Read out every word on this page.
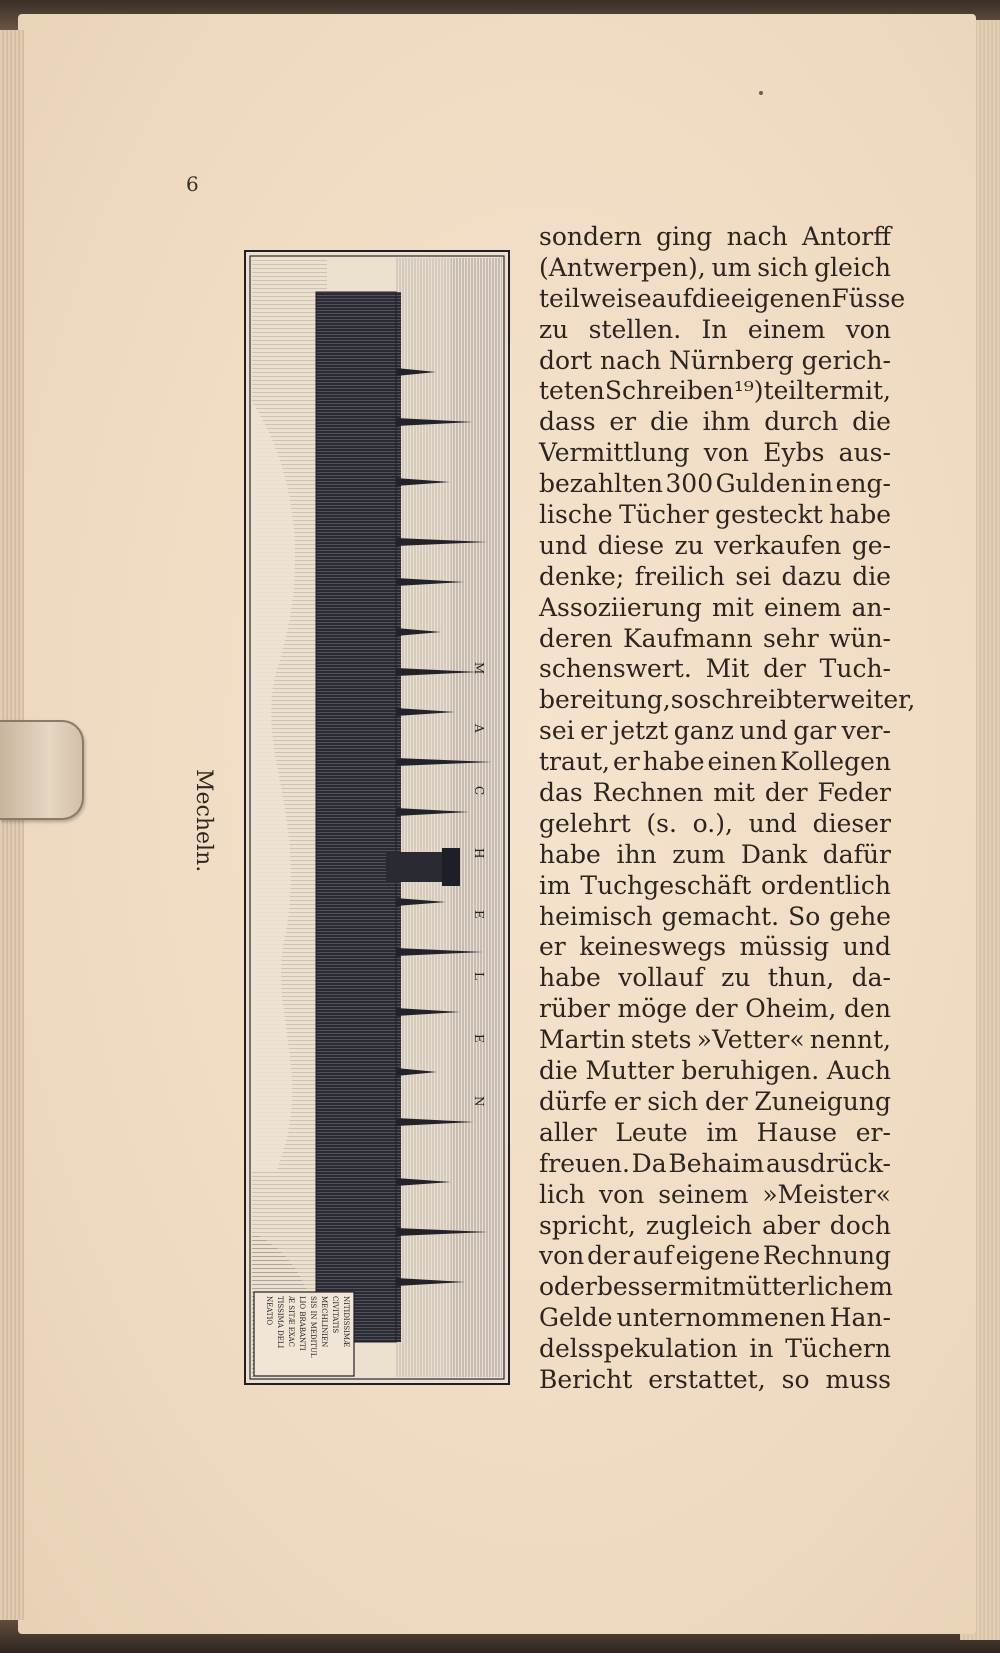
6
Mecheln.
M
A
C
H
E
L
E
N
NITIDISSIMÆ
CIVITATIS
MECHLINIEN
SIS IN MEDITUL
LIO BRABANTI
Æ SITÆ EXAC
TISSIMA DELI
NEATIO
sondern ging nach Antorff
(Antwerpen), um sich gleich
teilweise auf die eigenen Füsse
zu stellen. In einem von
dort nach Nürnberg gerich-
teten Schreiben¹⁹) teilt er mit,
dass er die ihm durch die
Vermittlung von Eybs aus-
bezahlten 300 Gulden in eng-
lische Tücher gesteckt habe
und diese zu verkaufen ge-
denke; freilich sei dazu die
Assoziierung mit einem an-
deren Kaufmann sehr wün-
schenswert. Mit der Tuch-
bereitung, so schreibt er weiter,
sei er jetzt ganz und gar ver-
traut, er habe einen Kollegen
das Rechnen mit der Feder
gelehrt (s. o.), und dieser
habe ihn zum Dank dafür
im Tuchgeschäft ordentlich
heimisch gemacht. So gehe
er keineswegs müssig und
habe vollauf zu thun, da-
rüber möge der Oheim, den
Martin stets »Vetter« nennt,
die Mutter beruhigen. Auch
dürfe er sich der Zuneigung
aller Leute im Hause er-
freuen. Da Behaim ausdrück-
lich von seinem »Meister«
spricht, zugleich aber doch
von der auf eigene Rechnung
oder besser mit mütterlichem
Gelde unternommenen Han-
delsspekulation in Tüchern
Bericht erstattet, so muss
